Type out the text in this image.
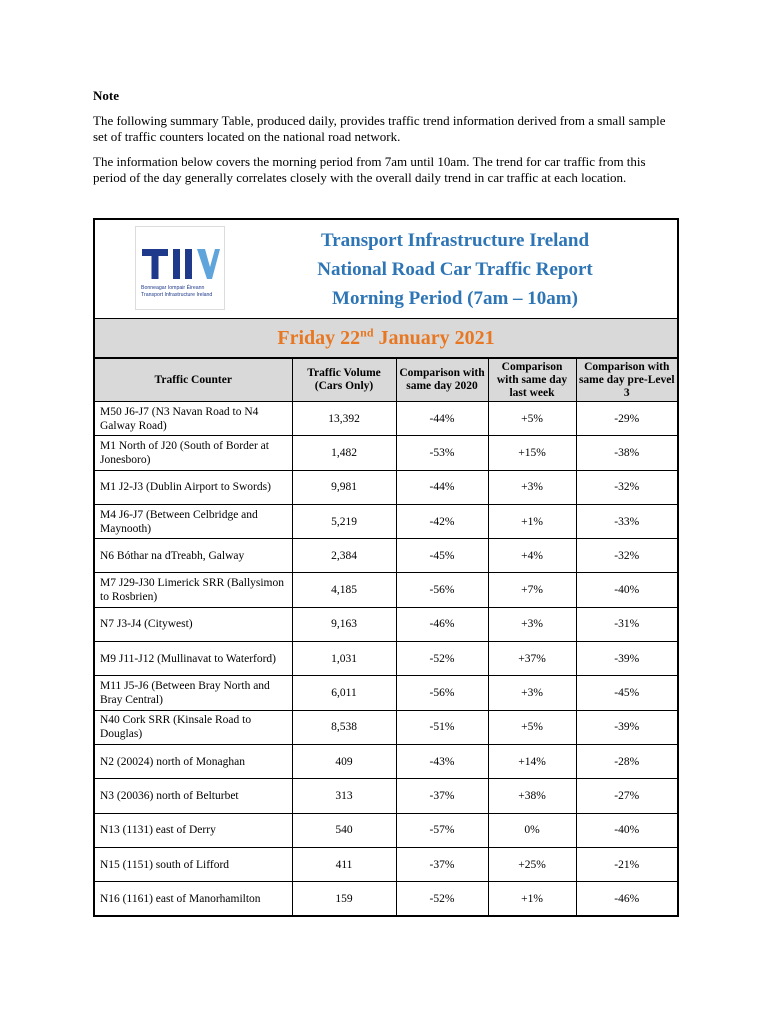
Note

The following summary Table, produced daily, provides traffic trend information derived from a small sample set of traffic counters located on the national road network.

The information below covers the morning period from 7am until 10am. The trend for car traffic from this period of the day generally correlates closely with the overall daily trend in car traffic at each location.

Bonneagar Iompair Éireann
Transport Infrastructure Ireland
Transport Infrastructure Ireland
National Road Car Traffic Report
Morning Period (7am – 10am)
Friday 22nd January 2021
Traffic Counter	Traffic Volume (Cars Only)	Comparison with same day 2020	Comparison with same day last week	Comparison with same day pre-Level 3
M50 J6-J7 (N3 Navan Road to N4 Galway Road)	13,392	-44%	+5%	-29%
M1 North of J20 (South of Border at Jonesboro)	1,482	-53%	+15%	-38%
M1 J2-J3 (Dublin Airport to Swords)	9,981	-44%	+3%	-32%
M4 J6-J7 (Between Celbridge and Maynooth)	5,219	-42%	+1%	-33%
N6 Bóthar na dTreabh, Galway	2,384	-45%	+4%	-32%
M7 J29-J30 Limerick SRR (Ballysimon to Rosbrien)	4,185	-56%	+7%	-40%
N7 J3-J4 (Citywest)	9,163	-46%	+3%	-31%
M9 J11-J12 (Mullinavat to Waterford)	1,031	-52%	+37%	-39%
M11 J5-J6 (Between Bray North and Bray Central)	6,011	-56%	+3%	-45%
N40 Cork SRR (Kinsale Road to Douglas)	8,538	-51%	+5%	-39%
N2 (20024) north of Monaghan	409	-43%	+14%	-28%
N3 (20036) north of Belturbet	313	-37%	+38%	-27%
N13 (1131) east of Derry	540	-57%	0%	-40%
N15 (1151) south of Lifford	411	-37%	+25%	-21%
N16 (1161) east of Manorhamilton	159	-52%	+1%	-46%
